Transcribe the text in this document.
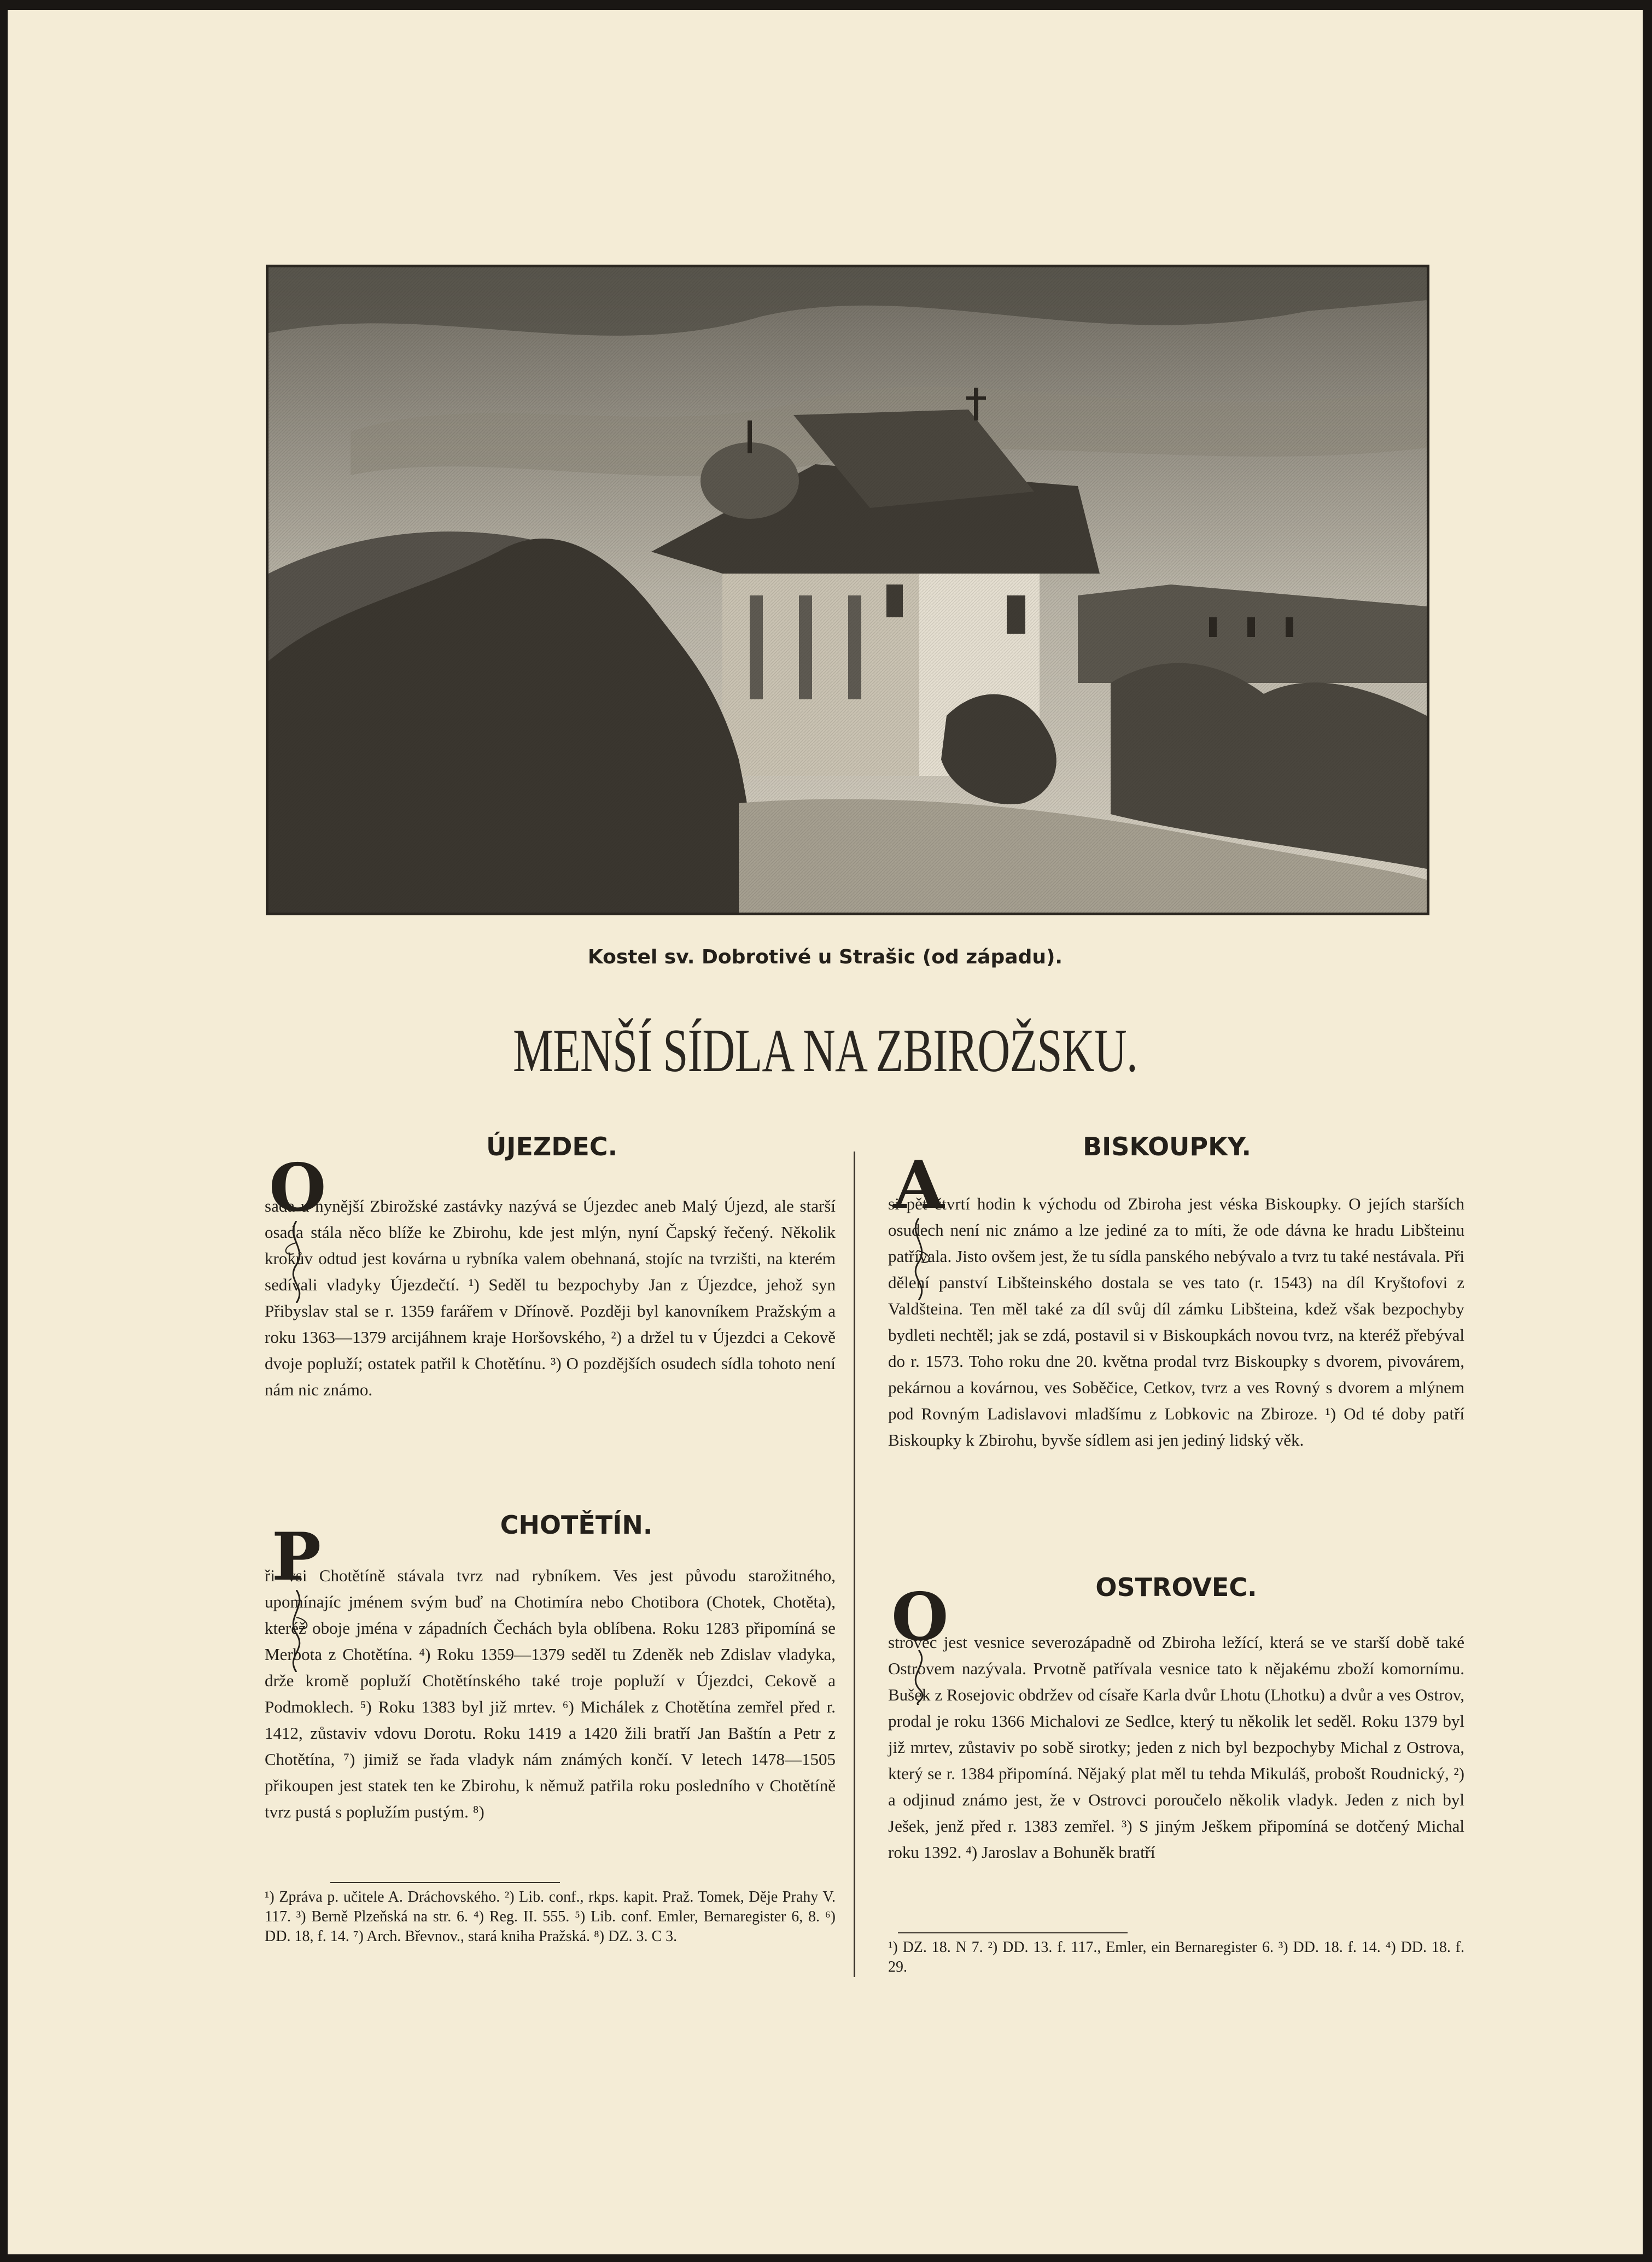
Kostel sv. Dobrotivé u Strašic (od západu).
MENŠÍ SÍDLA NA ZBIROŽSKU.
ÚJEZDEC.
O

sada u nynější Zbirožské zastávky nazývá se Újezdec aneb Malý Újezd, ale starší osada stála něco blíže ke Zbirohu, kde jest mlýn, nyní Čapský řečený. Několik krokův odtud jest kovárna u rybníka valem obehnaná, stojíc na tvrzišti, na kterém sedívali vladyky Újezdečtí. ¹) Seděl tu bezpochyby Jan z Újezdce, jehož syn Přibyslav stal se r. 1359 farářem v Dřínově. Později byl kanovníkem Pražským a roku 1363—1379 arcijáhnem kraje Horšovského, ²) a držel tu v Újezdci a Cekově dvoje popluží; ostatek patřil k Chotětínu. ³) O pozdějších osudech sídla tohoto není nám nic známo.

CHOTĚTÍN.
P

ři vsi Chotětíně stávala tvrz nad rybníkem. Ves jest původu starožitného, upomínajíc jménem svým buď na Chotimíra nebo Chotibora (Chotek, Chotěta), kteréž oboje jména v západních Čechách byla oblíbena. Roku 1283 připomíná se Merbota z Chotětína. ⁴) Roku 1359—1379 seděl tu Zdeněk neb Zdislav vladyka, drže kromě popluží Chotětínského také troje popluží v Újezdci, Cekově a Podmoklech. ⁵) Roku 1383 byl již mrtev. ⁶) Michálek z Chotětína zemřel před r. 1412, zůstaviv vdovu Dorotu. Roku 1419 a 1420 žili bratří Jan Baštín a Petr z Chotětína, ⁷) jimiž se řada vladyk nám známých končí. V letech 1478—1505 přikoupen jest statek ten ke Zbirohu, k němuž patřila roku posledního v Chotětíně tvrz pustá s poplužím pustým. ⁸)

¹) Zpráva p. učitele A. Dráchovského. ²) Lib. conf., rkps. kapit. Praž. Tomek, Děje Prahy V. 117. ³) Berně Plzeňská na str. 6. ⁴) Reg. II. 555. ⁵) Lib. conf. Emler, Bernaregister 6, 8. ⁶) DD. 18, f. 14. ⁷) Arch. Břevnov., stará kniha Pražská. ⁸) DZ. 3. C 3.

BISKOUPKY.
A

si pět čtvrtí hodin k východu od Zbiroha jest véska Biskoupky. O jejích starších osudech není nic známo a lze jediné za to míti, že ode dávna ke hradu Libšteinu patřívala. Jisto ovšem jest, že tu sídla panského nebývalo a tvrz tu také nestávala. Při dělení panství Libšteinského dostala se ves tato (r. 1543) na díl Kryštofovi z Valdšteina. Ten měl také za díl svůj díl zámku Libšteina, kdež však bezpochyby bydleti nechtěl; jak se zdá, postavil si v Biskoupkách novou tvrz, na kteréž přebýval do r. 1573. Toho roku dne 20. května prodal tvrz Biskoupky s dvorem, pivovárem, pekárnou a kovárnou, ves Soběčice, Cetkov, tvrz a ves Rovný s dvorem a mlýnem pod Rovným Ladislavovi mladšímu z Lobkovic na Zbiroze. ¹) Od té doby patří Biskoupky k Zbirohu, byvše sídlem asi jen jediný lidský věk.

OSTROVEC.
O

strovec jest vesnice severozápadně od Zbiroha ležící, která se ve starší době také Ostrovem nazývala. Prvotně patřívala vesnice tato k nějakému zboží komornímu. Bušek z Rosejovic obdržev od císaře Karla dvůr Lhotu (Lhotku) a dvůr a ves Ostrov, prodal je roku 1366 Michalovi ze Sedlce, který tu několik let seděl. Roku 1379 byl již mrtev, zůstaviv po sobě sirotky; jeden z nich byl bezpochyby Michal z Ostrova, který se r. 1384 připomíná. Nějaký plat měl tu tehda Mikuláš, probošt Roudnický, ²) a odjinud známo jest, že v Ostrovci poroučelo několik vladyk. Jeden z nich byl Ješek, jenž před r. 1383 zemřel. ³) S jiným Ješkem připomíná se dotčený Michal roku 1392. ⁴) Jaroslav a Bohuněk bratří

¹) DZ. 18. N 7. ²) DD. 13. f. 117., Emler, ein Bernaregister 6. ³) DD. 18. f. 14. ⁴) DD. 18. f. 29.
